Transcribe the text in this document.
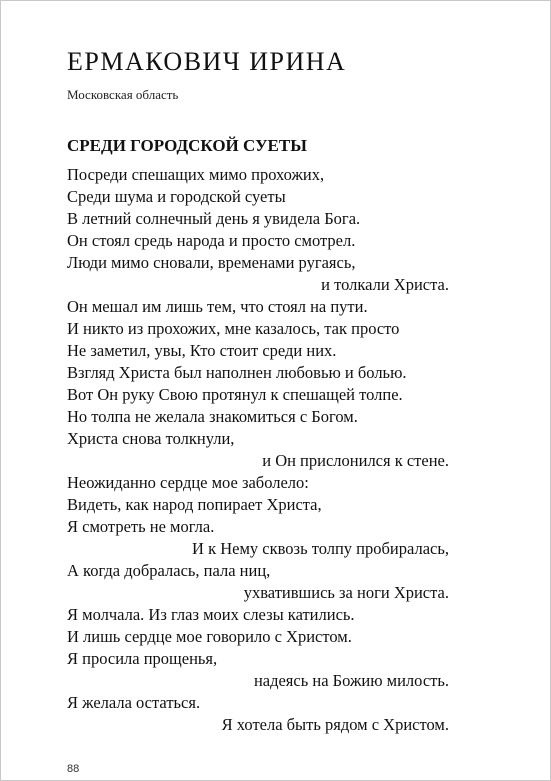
ЕРМАКОВИЧ ИРИНА
Московская область
СРЕДИ ГОРОДСКОЙ СУЕТЫ
Посреди спешащих мимо прохожих,
Среди шума и городской суеты
В летний солнечный день я увидела Бога.
Он стоял средь народа и просто смотрел.
Люди мимо сновали, временами ругаясь,
и толкали Христа.
Он мешал им лишь тем, что стоял на пути.
И никто из прохожих, мне казалось, так просто
Не заметил, увы, Кто стоит среди них.
Взгляд Христа был наполнен любовью и болью.
Вот Он руку Свою протянул к спешащей толпе.
Но толпа не желала знакомиться с Богом.
Христа снова толкнули,
и Он прислонился к стене.
Неожиданно сердце мое заболело:
Видеть, как народ попирает Христа,
Я смотреть не могла.
И к Нему сквозь толпу пробиралась,
А когда добралась, пала ниц,
ухватившись за ноги Христа.
Я молчала. Из глаз моих слезы катились.
И лишь сердце мое говорило с Христом.
Я просила прощенья,
надеясь на Божию милость.
Я желала остаться.
Я хотела быть рядом с Христом.
88
